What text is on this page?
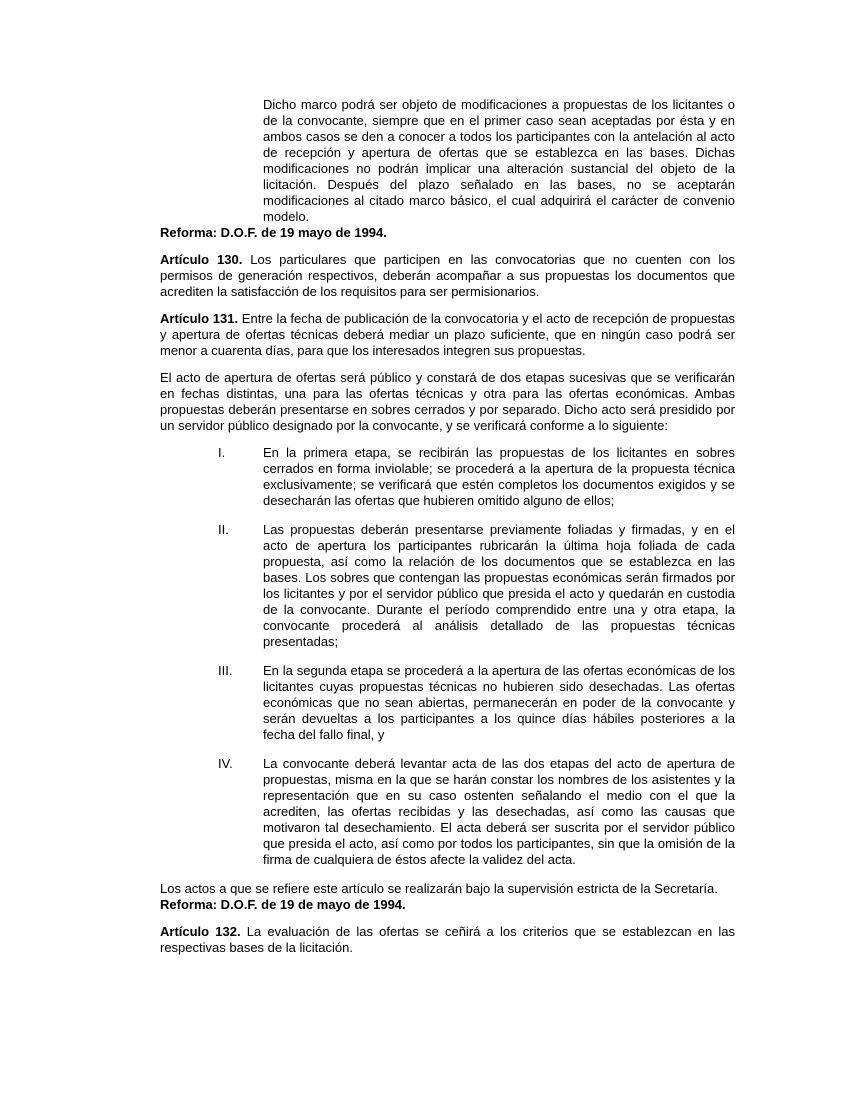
Dicho marco podrá ser objeto de modificaciones a propuestas de los licitantes o de la convocante, siempre que en el primer caso sean aceptadas por ésta y en ambos casos se den a conocer a todos los participantes con la antelación al acto de recepción y apertura de ofertas que se establezca en las bases. Dichas modificaciones no podrán implicar una alteración sustancial del objeto de la licitación. Después del plazo señalado en las bases, no se aceptarán modificaciones al citado marco básico, el cual adquirirá el carácter de convenio modelo.

Reforma: D.O.F. de 19 mayo de 1994.

Artículo 130. Los particulares que participen en las convocatorias que no cuenten con los permisos de generación respectivos, deberán acompañar a sus propuestas los documentos que acrediten la satisfacción de los requisitos para ser permisionarios.

Artículo 131. Entre la fecha de publicación de la convocatoria y el acto de recepción de propuestas y apertura de ofertas técnicas deberá mediar un plazo suficiente, que en ningún caso podrá ser menor a cuarenta días, para que los interesados integren sus propuestas.

El acto de apertura de ofertas será público y constará de dos etapas sucesivas que se verificarán en fechas distintas, una para las ofertas técnicas y otra para las ofertas económicas. Ambas propuestas deberán presentarse en sobres cerrados y por separado. Dicho acto será presidido por un servidor público designado por la convocante, y se verificará conforme a lo siguiente:

I.	En la primera etapa, se recibirán las propuestas de los licitantes en sobres cerrados en forma inviolable; se procederá a la apertura de la propuesta técnica exclusivamente; se verificará que estén completos los documentos exigidos y se desecharán las ofertas que hubieren omitido alguno de ellos;
II.	Las propuestas deberán presentarse previamente foliadas y firmadas, y en el acto de apertura los participantes rubricarán la última hoja foliada de cada propuesta, así como la relación de los documentos que se establezca en las bases. Los sobres que contengan las propuestas económicas serán firmados por los licitantes y por el servidor público que presida el acto y quedarán en custodia de la convocante. Durante el período comprendido entre una y otra etapa, la convocante procederá al análisis detallado de las propuestas técnicas presentadas;
III.	En la segunda etapa se procederá a la apertura de las ofertas económicas de los licitantes cuyas propuestas técnicas no hubieren sido desechadas. Las ofertas económicas que no sean abiertas, permanecerán en poder de la convocante y serán devueltas a los participantes a los quince días hábiles posteriores a la fecha del fallo final, y
IV.	La convocante deberá levantar acta de las dos etapas del acto de apertura de propuestas, misma en la que se harán constar los nombres de los asistentes y la representación que en su caso ostenten señalando el medio con el que la acrediten, las ofertas recibidas y las desechadas, así como las causas que motivaron tal desechamiento. El acta deberá ser suscrita por el servidor público que presida el acto, así como por todos los participantes, sin que la omisión de la firma de cualquiera de éstos afecte la validez del acta.

Los actos a que se refiere este artículo se realizarán bajo la supervisión estricta de la Secretaría.

Reforma: D.O.F. de 19 de mayo de 1994.

Artículo 132. La evaluación de las ofertas se ceñirá a los criterios que se establezcan en las respectivas bases de la licitación.
